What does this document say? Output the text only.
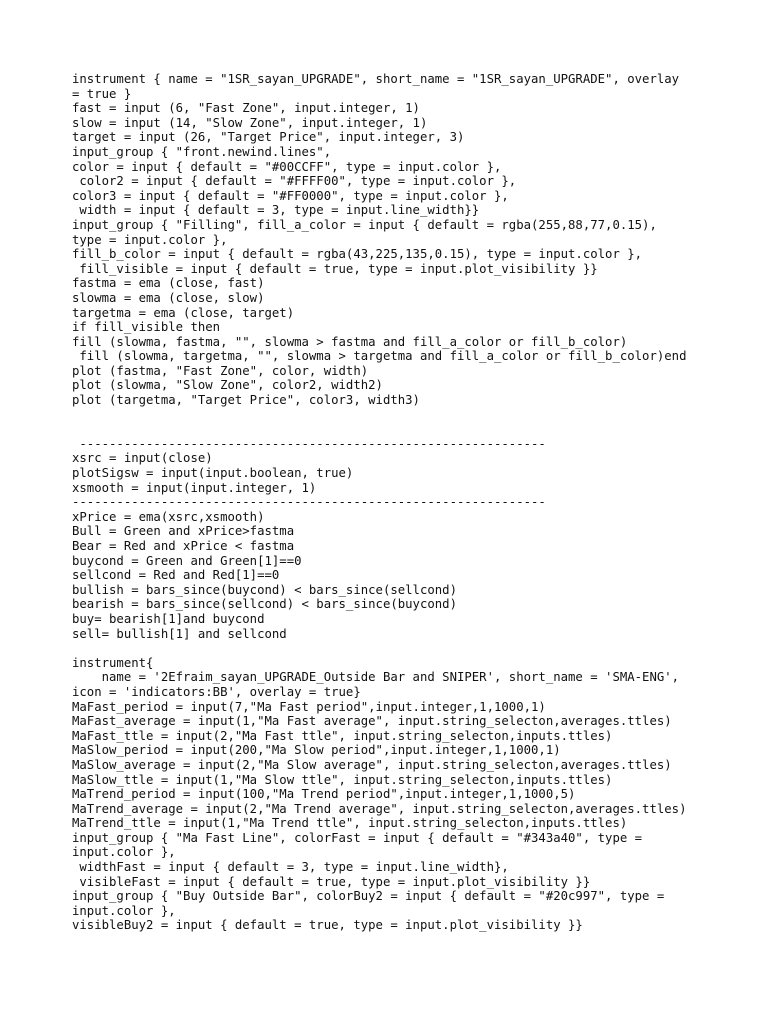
instrument { name = "1SR_sayan_UPGRADE", short_name = "1SR_sayan_UPGRADE", overlay
= true }
fast = input (6, "Fast Zone", input.integer, 1)
slow = input (14, "Slow Zone", input.integer, 1)
target = input (26, "Target Price", input.integer, 3)
input_group { "front.newind.lines",
color = input { default = "#00CCFF", type = input.color },
color2 = input { default = "#FFFF00", type = input.color },
color3 = input { default = "#FF0000", type = input.color },
width = input { default = 3, type = input.line_width}}
input_group { "Filling", fill_a_color = input { default = rgba(255,88,77,0.15),
type = input.color },
fill_b_color = input { default = rgba(43,225,135,0.15), type = input.color },
fill_visible = input { default = true, type = input.plot_visibility }}
fastma = ema (close, fast)
slowma = ema (close, slow)
targetma = ema (close, target)
if fill_visible then
fill (slowma, fastma, "", slowma > fastma and fill_a_color or fill_b_color)
fill (slowma, targetma, "", slowma > targetma and fill_a_color or fill_b_color)end
plot (fastma, "Fast Zone", color, width)
plot (slowma, "Slow Zone", color2, width2)
plot (targetma, "Target Price", color3, width3)
---------------------------------------------------------------
xsrc = input(close)
plotSigsw = input(input.boolean, true)
xsmooth = input(input.integer, 1)
----------------------------------------------------------------
xPrice = ema(xsrc,xsmooth)
Bull = Green and xPrice>fastma
Bear = Red and xPrice < fastma
buycond = Green and Green[1]==0
sellcond = Red and Red[1]==0
bullish = bars_since(buycond) < bars_since(sellcond)
bearish = bars_since(sellcond) < bars_since(buycond)
buy= bearish[1]and buycond
sell= bullish[1] and sellcond
instrument{
name = '2Efraim_sayan_UPGRADE_Outside Bar and SNIPER', short_name = 'SMA-ENG',
icon = 'indicators:BB', overlay = true}
MaFast_period = input(7,"Ma Fast period",input.integer,1,1000,1)
MaFast_average = input(1,"Ma Fast average", input.string_selecton,averages.ttles)
MaFast_ttle = input(2,"Ma Fast ttle", input.string_selecton,inputs.ttles)
MaSlow_period = input(200,"Ma Slow period",input.integer,1,1000,1)
MaSlow_average = input(2,"Ma Slow average", input.string_selecton,averages.ttles)
MaSlow_ttle = input(1,"Ma Slow ttle", input.string_selecton,inputs.ttles)
MaTrend_period = input(100,"Ma Trend period",input.integer,1,1000,5)
MaTrend_average = input(2,"Ma Trend average", input.string_selecton,averages.ttles)
MaTrend_ttle = input(1,"Ma Trend ttle", input.string_selecton,inputs.ttles)
input_group { "Ma Fast Line", colorFast = input { default = "#343a40", type =
input.color },
widthFast = input { default = 3, type = input.line_width},
visibleFast = input { default = true, type = input.plot_visibility }}
input_group { "Buy Outside Bar", colorBuy2 = input { default = "#20c997", type =
input.color },
visibleBuy2 = input { default = true, type = input.plot_visibility }}
